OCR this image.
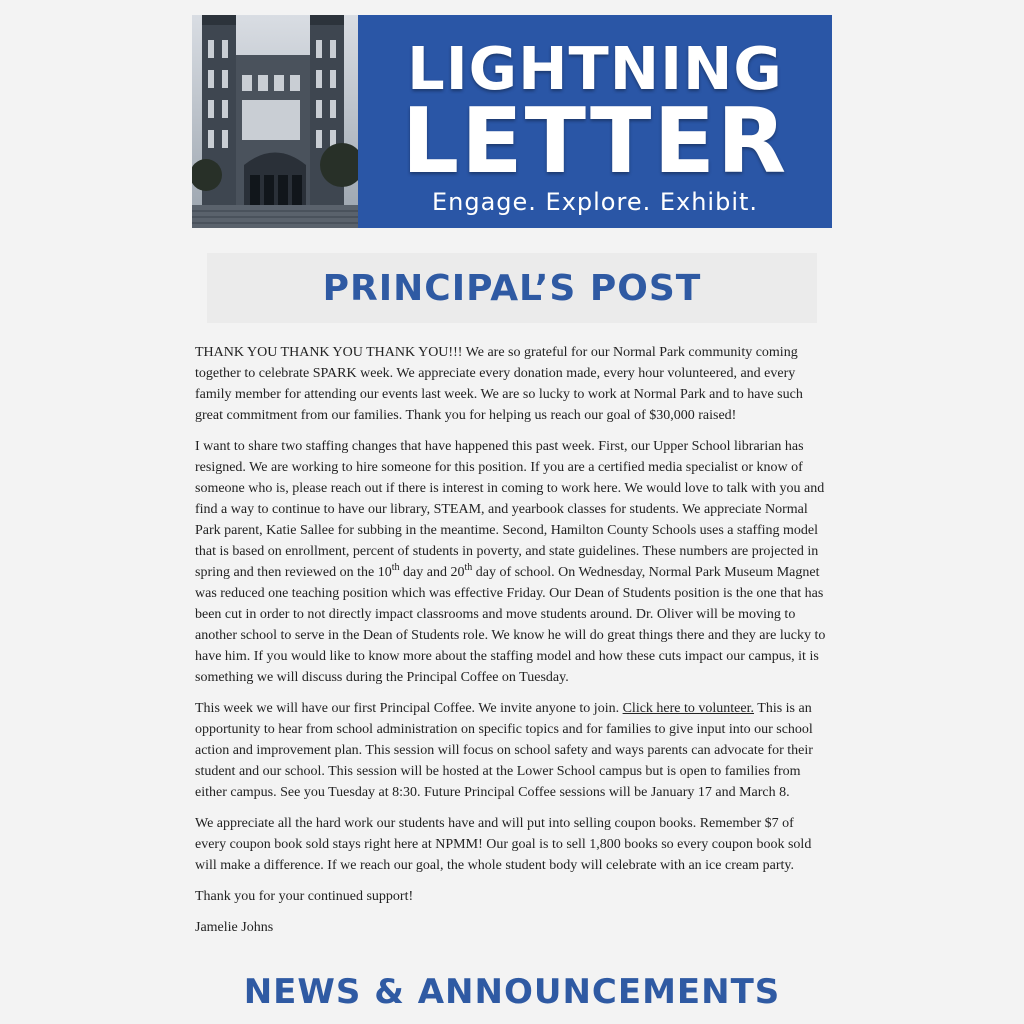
LIGHTNING
LETTER
Engage. Explore. Exhibit.
PRINCIPAL’S POST

THANK YOU THANK YOU THANK YOU!!! We are so grateful for our Normal Park community coming together to celebrate SPARK week. We appreciate every donation made, every hour volunteered, and every family member for attending our events last week. We are so lucky to work at Normal Park and to have such great commitment from our families. Thank you for helping us reach our goal of $30,000 raised!

I want to share two staffing changes that have happened this past week. First, our Upper School librarian has resigned. We are working to hire someone for this position. If you are a certified media specialist or know of someone who is, please reach out if there is interest in coming to work here. We would love to talk with you and find a way to continue to have our library, STEAM, and yearbook classes for students. We appreciate Normal Park parent, Katie Sallee for subbing in the meantime. Second, Hamilton County Schools uses a staffing model that is based on enrollment, percent of students in poverty, and state guidelines. These numbers are projected in spring and then reviewed on the 10th day and 20th day of school. On Wednesday, Normal Park Museum Magnet was reduced one teaching position which was effective Friday. Our Dean of Students position is the one that has been cut in order to not directly impact classrooms and move students around. Dr. Oliver will be moving to another school to serve in the Dean of Students role. We know he will do great things there and they are lucky to have him. If you would like to know more about the staffing model and how these cuts impact our campus, it is something we will discuss during the Principal Coffee on Tuesday.

This week we will have our first Principal Coffee. We invite anyone to join. Click here to volunteer. This is an opportunity to hear from school administration on specific topics and for families to give input into our school action and improvement plan. This session will focus on school safety and ways parents can advocate for their student and our school. This session will be hosted at the Lower School campus but is open to families from either campus. See you Tuesday at 8:30. Future Principal Coffee sessions will be January 17 and March 8.

We appreciate all the hard work our students have and will put into selling coupon books. Remember $7 of every coupon book sold stays right here at NPMM! Our goal is to sell 1,800 books so every coupon book sold will make a difference. If we reach our goal, the whole student body will celebrate with an ice cream party.

Thank you for your continued support!

Jamelie Johns

NEWS & ANNOUNCEMENTS
